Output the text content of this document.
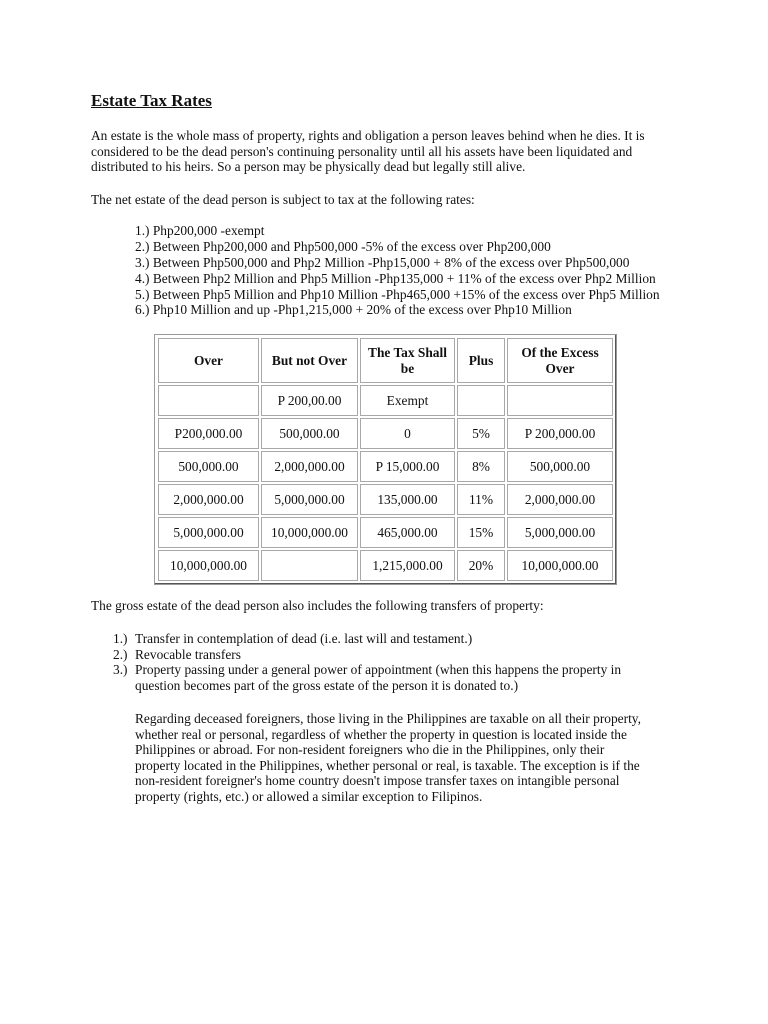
Estate Tax Rates

An estate is the whole mass of property, rights and obligation a person leaves behind when he dies. It is considered to be the dead person's continuing personality until all his assets have been liquidated and distributed to his heirs. So a person may be physically dead but legally still alive.

The net estate of the dead person is subject to tax at the following rates:

1.) Php200,000 -exempt
2.) Between Php200,000 and Php500,000 -5% of the excess over Php200,000
3.) Between Php500,000 and Php2 Million -Php15,000 + 8% of the excess over Php500,000
4.) Between Php2 Million and Php5 Million -Php135,000 + 11% of the excess over Php2 Million
5.) Between Php5 Million and Php10 Million -Php465,000 +15% of the excess over Php5 Million
6.) Php10 Million and up -Php1,215,000 + 20% of the excess over Php10 Million
Over	But not Over	The Tax Shall be	Plus	Of the Excess Over
	P 200,00.00	Exempt		
P200,000.00	500,000.00	0	5%	P 200,000.00
500,000.00	2,000,000.00	P 15,000.00	8%	500,000.00
2,000,000.00	5,000,000.00	135,000.00	11%	2,000,000.00
5,000,000.00	10,000,000.00	465,000.00	15%	5,000,000.00
10,000,000.00		1,215,000.00	20%	10,000,000.00

The gross estate of the dead person also includes the following transfers of property:

1.) Transfer in contemplation of dead (i.e. last will and testament.)
2.) Revocable transfers
3.) Property passing under a general power of appointment (when this happens the property in question becomes part of the gross estate of the person it is donated to.)

Regarding deceased foreigners, those living in the Philippines are taxable on all their property, whether real or personal, regardless of whether the property in question is located inside the Philippines or abroad. For non-resident foreigners who die in the Philippines, only their property located in the Philippines, whether personal or real, is taxable. The exception is if the non-resident foreigner's home country doesn't impose transfer taxes on intangible personal property (rights, etc.) or allowed a similar exception to Filipinos.
